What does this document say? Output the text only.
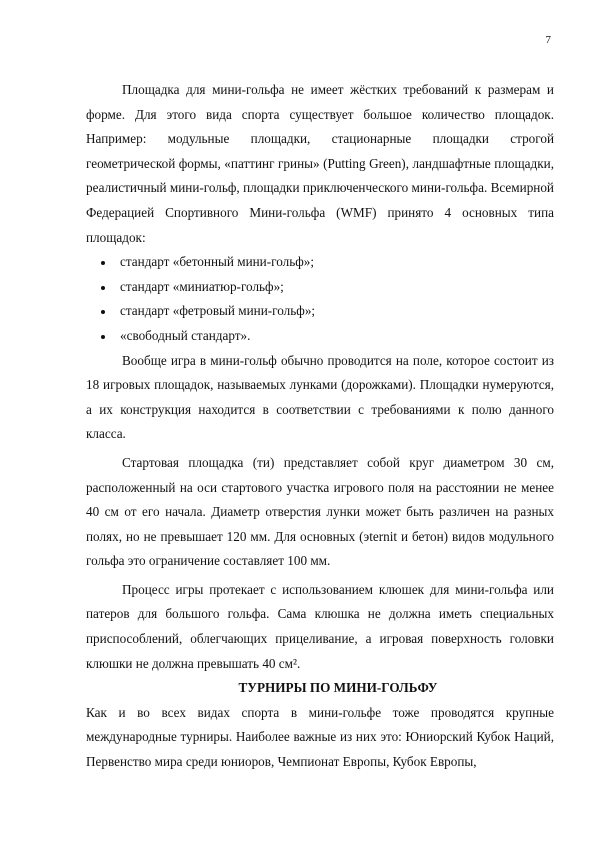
7

Площадка для мини-гольфа не имеет жёстких требований к размерам и форме. Для этого вида спорта существует большое количество площадок. Например: модульные площадки, стационарные площадки строгой геометрической формы, «паттинг грины» (Putting Green), ландшафтные площадки, реалистичный мини-гольф, площадки приключенческого мини-гольфа. Всемирной Федерацией Спортивного Мини-гольфа (WMF) принято 4 основных типа площадок:

стандарт «бетонный мини-гольф»;
стандарт «миниатюр-гольф»;
стандарт «фетровый мини-гольф»;
«свободный стандарт».

Вообще игра в мини-гольф обычно проводится на поле, которое состоит из 18 игровых площадок, называемых лунками (дорожками). Площадки нумеруются, а их конструкция находится в соответствии с требованиями к полю данного класса.

Стартовая площадка (ти) представляет собой круг диаметром 30 см, расположенный на оси стартового участка игрового поля на расстоянии не менее 40 см от его начала. Диаметр отверстия лунки может быть различен на разных полях, но не превышает 120 мм. Для основных (эternit и бетон) видов модульного гольфа это ограничение составляет 100 мм.

Процесс игры протекает с использованием клюшек для мини-гольфа или патеров для большого гольфа. Сама клюшка не должна иметь специальных приспособлений, облегчающих прицеливание, а игровая поверхность головки клюшки не должна превышать 40 см².

ТУРНИРЫ ПО МИНИ-ГОЛЬФУ

Как и во всех видах спорта в мини-гольфе тоже проводятся крупные международные турниры. Наиболее важные из них это: Юниорский Кубок Наций, Первенство мира среди юниоров, Чемпионат Европы, Кубок Европы,
